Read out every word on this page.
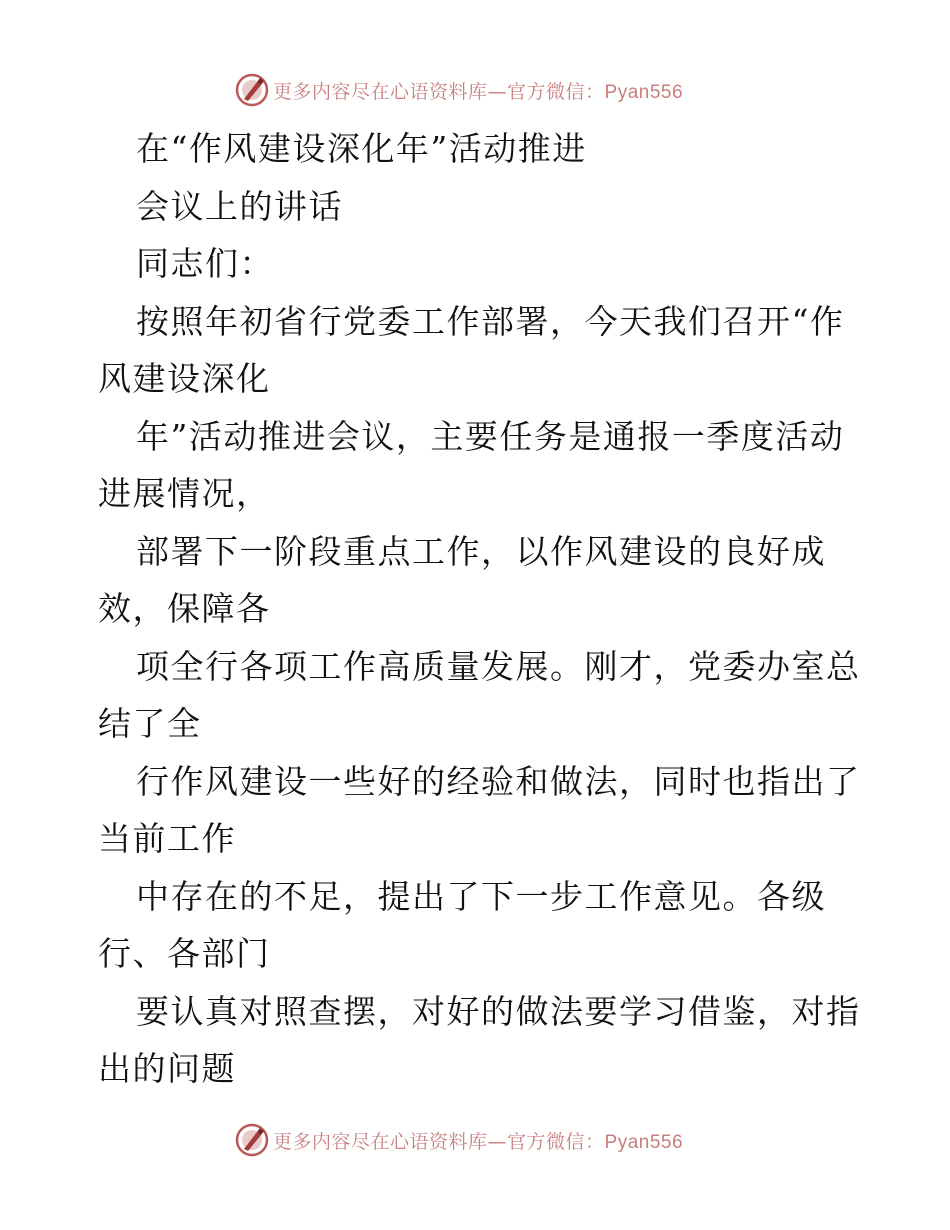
更多内容尽在心语资料库—官方微信：Pyan556
在“作风建设深化年”活动推进
会议上的讲话
同志们：
按照年初省行党委工作部署，今天我们召开“作
风建设深化
年”活动推进会议，主要任务是通报一季度活动
进展情况，
部署下一阶段重点工作，以作风建设的良好成
效，保障各
项全行各项工作高质量发展。刚才，党委办室总
结了全
行作风建设一些好的经验和做法，同时也指出了
当前工作
中存在的不足，提出了下一步工作意见。各级
行、各部门
要认真对照查摆，对好的做法要学习借鉴，对指
出的问题
更多内容尽在心语资料库—官方微信：Pyan556
